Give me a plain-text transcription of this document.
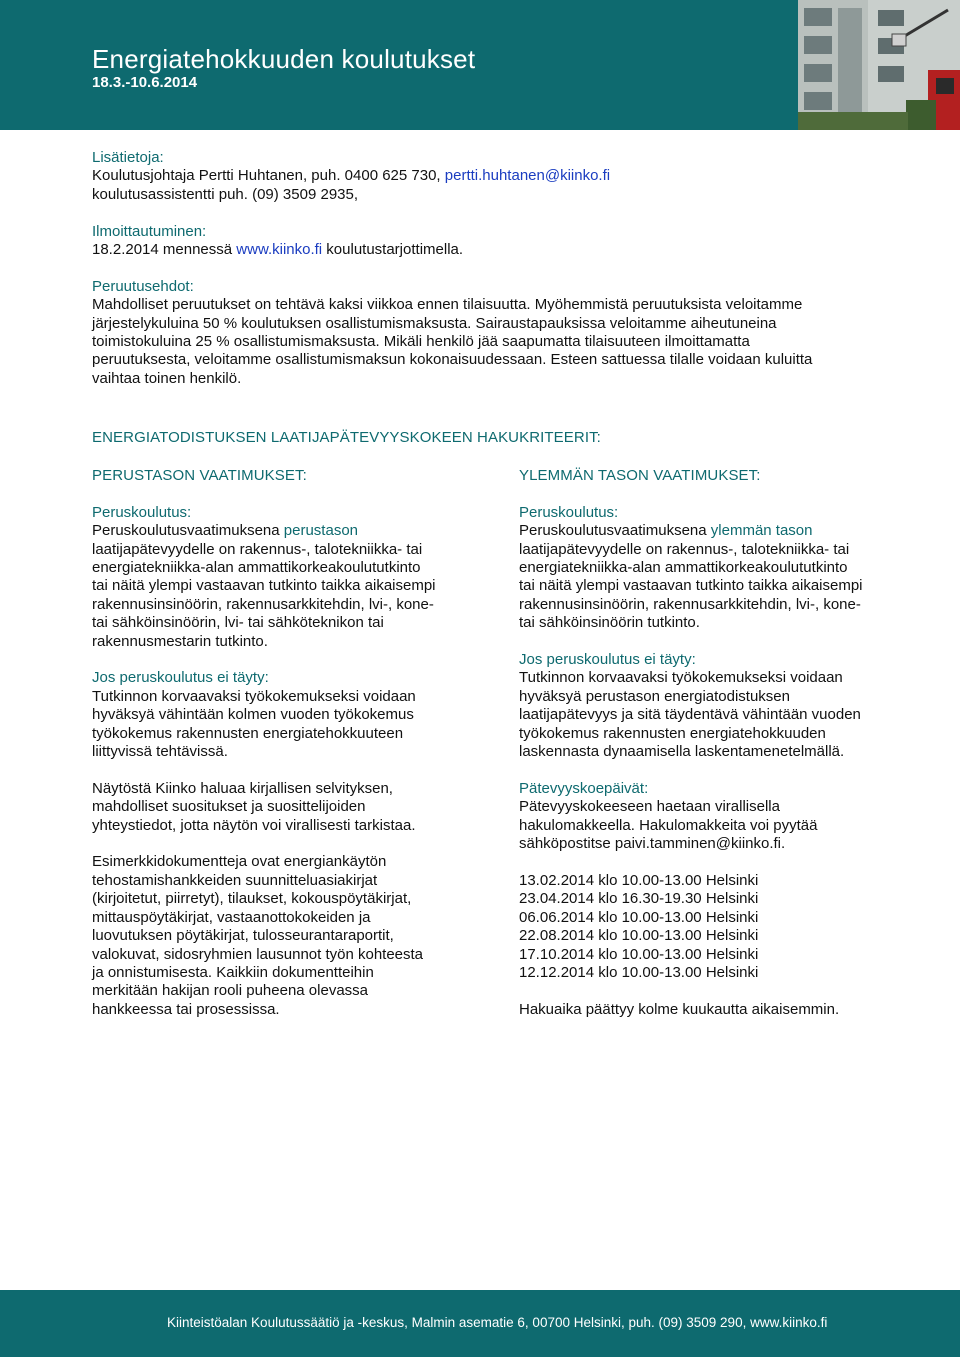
Energiatehokkuuden koulutukset
18.3.-10.6.2014
Lisätietoja:
Koulutusjohtaja Pertti Huhtanen, puh. 0400 625 730, pertti.huhtanen@kiinko.fi
koulutusassistentti puh. (09) 3509 2935,
Ilmoittautuminen:
18.2.2014 mennessä www.kiinko.fi koulutustarjottimella.
Peruutusehdot:
Mahdolliset peruutukset on tehtävä kaksi viikkoa ennen tilaisuutta. Myöhemmistä peruutuksista veloitamme
järjestelykuluina 50 % koulutuksen osallistumismaksusta. Sairaustapauksissa veloitamme aiheutuneina
toimistokuluina 25 % osallistumismaksusta. Mikäli henkilö jää saapumatta tilaisuuteen ilmoittamatta
peruutuksesta, veloitamme osallistumismaksun kokonaisuudessaan. Esteen sattuessa tilalle voidaan kuluitta
vaihtaa toinen henkilö.
ENERGIATODISTUKSEN LAATIJAPÄTEVYYSKOKEEN HAKUKRITEERIT:
PERUSTASON VAATIMUKSET:
Peruskoulutus:
Peruskoulutusvaatimuksena perustason
laatijapätevyydelle on rakennus-, talotekniikka- tai
energiatekniikka-alan ammattikorkeakoulututkinto
tai näitä ylempi vastaavan tutkinto taikka aikaisempi
rakennusinsinöörin, rakennusarkkitehdin, lvi-, kone-
tai sähköinsinöörin, lvi- tai sähköteknikon tai
rakennusmestarin tutkinto.
Jos peruskoulutus ei täyty:
Tutkinnon korvaavaksi työkokemukseksi voidaan
hyväksyä vähintään kolmen vuoden työkokemus
työkokemus rakennusten energiatehokkuuteen
liittyvissä tehtävissä.
Näytöstä Kiinko haluaa kirjallisen selvityksen,
mahdolliset suositukset ja suosittelijoiden
yhteystiedot, jotta näytön voi virallisesti tarkistaa.
Esimerkkidokumentteja ovat energiankäytön
tehostamishankkeiden suunnitteluasiakirjat
(kirjoitetut, piirretyt), tilaukset, kokouspöytäkirjat,
mittauspöytäkirjat, vastaanottokokeiden ja
luovutuksen pöytäkirjat, tulosseurantaraportit,
valokuvat, sidosryhmien lausunnot työn kohteesta
ja onnistumisesta. Kaikkiin dokumentteihin
merkitään hakijan rooli puheena olevassa
hankkeessa tai prosessissa.
YLEMMÄN TASON VAATIMUKSET:
Peruskoulutus:
Peruskoulutusvaatimuksena ylemmän tason
laatijapätevyydelle on rakennus-, talotekniikka- tai
energiatekniikka-alan ammattikorkeakoulututkinto
tai näitä ylempi vastaavan tutkinto taikka aikaisempi
rakennusinsinöörin, rakennusarkkitehdin, lvi-, kone-
tai sähköinsinöörin tutkinto.
Jos peruskoulutus ei täyty:
Tutkinnon korvaavaksi työkokemukseksi voidaan
hyväksyä perustason energiatodistuksen
laatijapätevyys ja sitä täydentävä vähintään vuoden
työkokemus rakennusten energiatehokkuuden
laskennasta dynaamisella laskentamenetelmällä.
Pätevyyskoepäivät:
Pätevyyskokeeseen haetaan virallisella
hakulomakkeella. Hakulomakkeita voi pyytää
sähköpostitse paivi.tamminen@kiinko.fi.
13.02.2014 klo 10.00-13.00 Helsinki
23.04.2014 klo 16.30-19.30 Helsinki
06.06.2014 klo 10.00-13.00 Helsinki
22.08.2014 klo 10.00-13.00 Helsinki
17.10.2014 klo 10.00-13.00 Helsinki
12.12.2014 klo 10.00-13.00 Helsinki
Hakuaika päättyy kolme kuukautta aikaisemmin.
Kiinteistöalan Koulutussäätiö ja -keskus, Malmin asematie 6, 00700 Helsinki, puh. (09) 3509 290, www.kiinko.fi
